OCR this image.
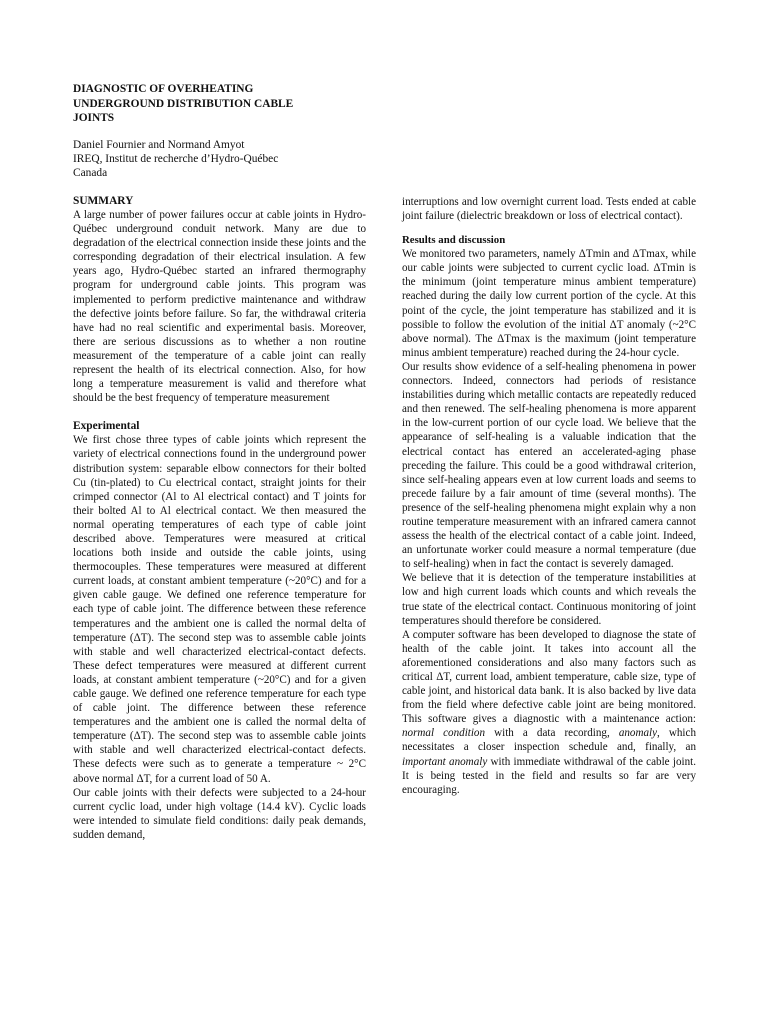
DIAGNOSTIC OF OVERHEATING
UNDERGROUND DISTRIBUTION CABLE
JOINTS
Daniel Fournier and Normand Amyot
IREQ, Institut de recherche d’Hydro-Québec
Canada
SUMMARY

A large number of power failures occur at cable joints in Hydro-Québec underground conduit network. Many are due to degradation of the electrical connection inside these joints and the corresponding degradation of their electrical insulation. A few years ago, Hydro-Québec started an infrared thermography program for underground cable joints. This program was implemented to perform predictive maintenance and withdraw the defective joints before failure. So far, the withdrawal criteria have had no real scientific and experimental basis. Moreover, there are serious discussions as to whether a non routine measurement of the temperature of a cable joint can really represent the health of its electrical connection. Also, for how long a temperature measurement is valid and therefore what should be the best frequency of temperature measurement

Experimental

We first chose three types of cable joints which represent the variety of electrical connections found in the underground power distribution system: separable elbow connectors for their bolted Cu (tin-plated) to Cu electrical contact, straight joints for their crimped connector (Al to Al electrical contact) and T joints for their bolted Al to Al electrical contact. We then measured the normal operating temperatures of each type of cable joint described above. Temperatures were measured at critical locations both inside and outside the cable joints, using thermocouples. These temperatures were measured at different current loads, at constant ambient temperature (~20°C) and for a given cable gauge. We defined one reference temperature for each type of cable joint. The difference between these reference temperatures and the ambient one is called the normal delta of temperature (ΔT). The second step was to assemble cable joints with stable and well characterized electrical-contact defects. These defect temperatures were measured at different current loads, at constant ambient temperature (~20°C) and for a given cable gauge. We defined one reference temperature for each type of cable joint. The difference between these reference temperatures and the ambient one is called the normal delta of temperature (ΔT). The second step was to assemble cable joints with stable and well characterized electrical-contact defects. These defects were such as to generate a temperature ~ 2°C above normal ΔT, for a current load of 50 A.

Our cable joints with their defects were subjected to a 24-hour current cyclic load, under high voltage (14.4 kV). Cyclic loads were intended to simulate field conditions: daily peak demands, sudden demand,

interruptions and low overnight current load. Tests ended at cable joint failure (dielectric breakdown or loss of electrical contact).

Results and discussion

We monitored two parameters, namely ΔTmin and ΔTmax, while our cable joints were subjected to current cyclic load. ΔTmin is the minimum (joint temperature minus ambient temperature) reached during the daily low current portion of the cycle. At this point of the cycle, the joint temperature has stabilized and it is possible to follow the evolution of the initial ΔT anomaly (~2°C above normal). The ΔTmax is the maximum (joint temperature minus ambient temperature) reached during the 24-hour cycle.

Our results show evidence of a self-healing phenomena in power connectors. Indeed, connectors had periods of resistance instabilities during which metallic contacts are repeatedly reduced and then renewed. The self-healing phenomena is more apparent in the low-current portion of our cycle load. We believe that the appearance of self-healing is a valuable indication that the electrical contact has entered an accelerated-aging phase preceding the failure. This could be a good withdrawal criterion, since self-healing appears even at low current loads and seems to precede failure by a fair amount of time (several months). The presence of the self-healing phenomena might explain why a non routine temperature measurement with an infrared camera cannot assess the health of the electrical contact of a cable joint. Indeed, an unfortunate worker could measure a normal temperature (due to self-healing) when in fact the contact is severely damaged.

We believe that it is detection of the temperature instabilities at low and high current loads which counts and which reveals the true state of the electrical contact. Continuous monitoring of joint temperatures should therefore be considered.

A computer software has been developed to diagnose the state of health of the cable joint. It takes into account all the aforementioned considerations and also many factors such as critical ΔT, current load, ambient temperature, cable size, type of cable joint, and historical data bank. It is also backed by live data from the field where defective cable joint are being monitored. This software gives a diagnostic with a maintenance action: normal condition with a data recording, anomaly, which necessitates a closer inspection schedule and, finally, an important anomaly with immediate withdrawal of the cable joint. It is being tested in the field and results so far are very encouraging.
